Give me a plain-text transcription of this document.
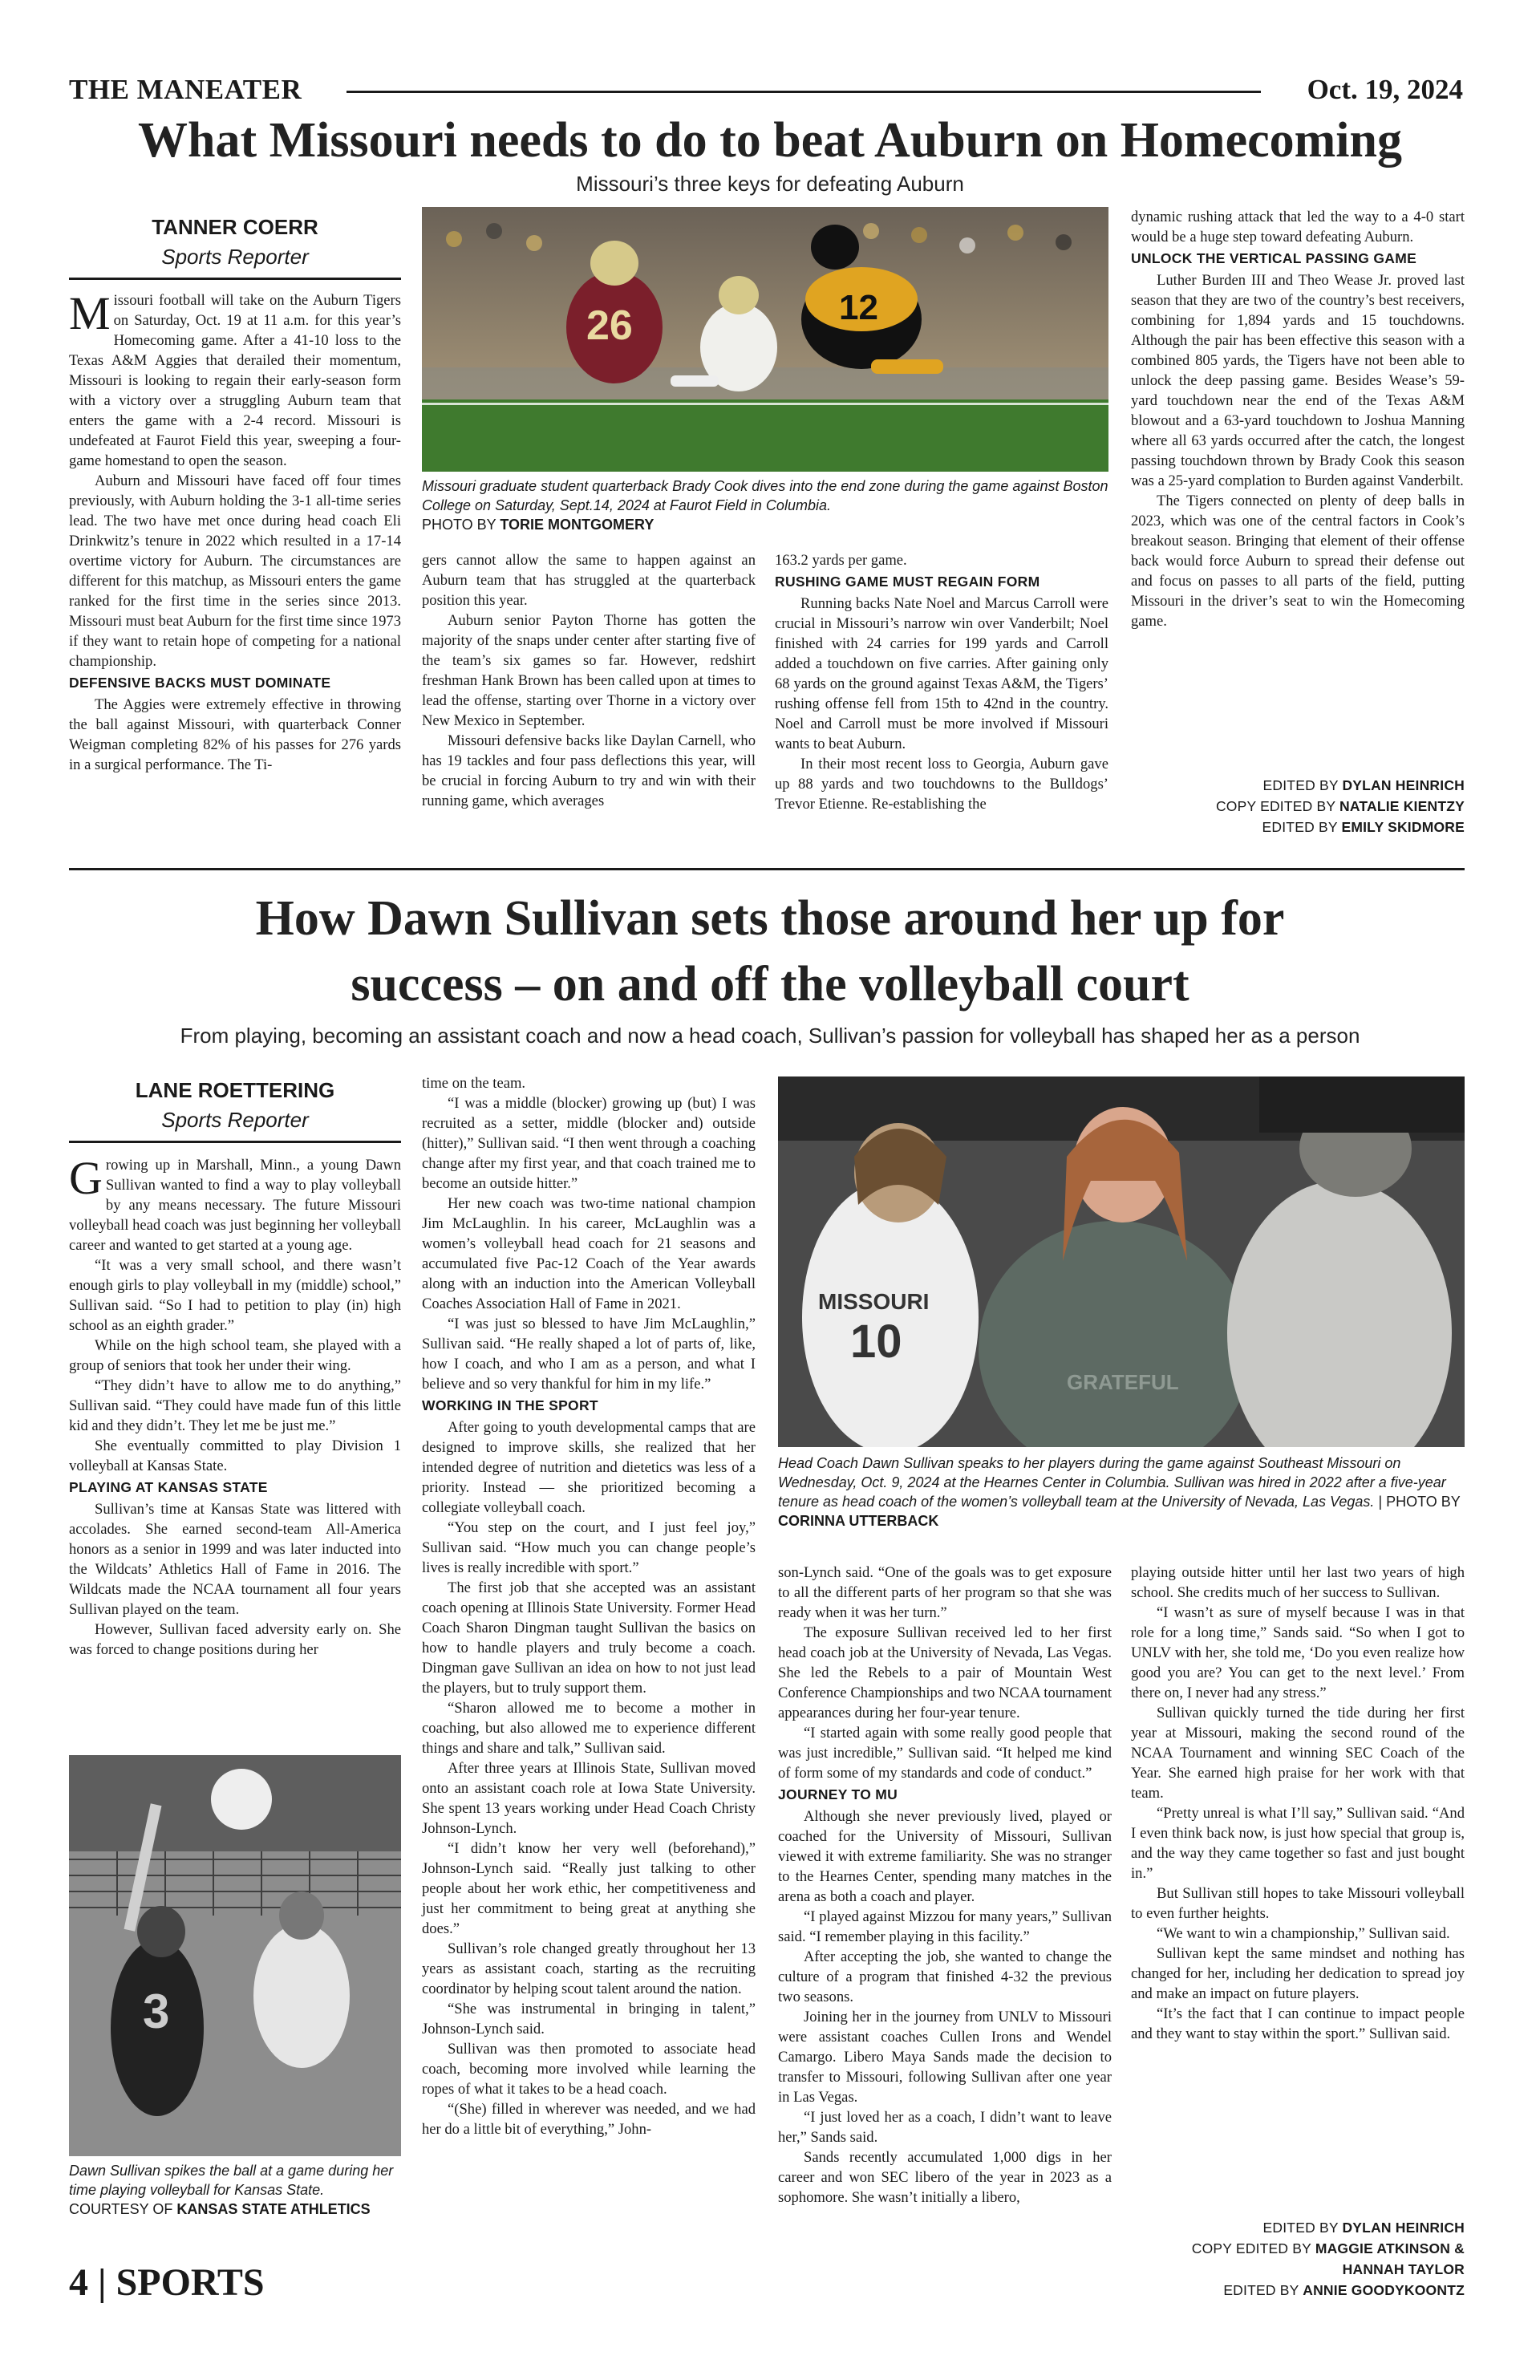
THE MANEATER	Oct. 19, 2024
What Missouri needs to do to beat Auburn on Homecoming
Missouri’s three keys for defeating Auburn
TANNER COERR
Sports Reporter

Missouri football will take on the Auburn Tigers on Saturday, Oct. 19 at 11 a.m. for this year’s Homecoming game. After a 41-10 loss to the Texas A&M Aggies that derailed their momentum, Missouri is looking to regain their early-season form with a victory over a struggling Auburn team that enters the game with a 2-4 record. Missouri is undefeated at Faurot Field this year, sweeping a four-game homestand to open the season.

Auburn and Missouri have faced off four times previously, with Auburn holding the 3-1 all-time series lead. The two have met once during head coach Eli Drinkwitz’s tenure in 2022 which resulted in a 17-14 overtime victory for Auburn. The circumstances are different for this matchup, as Missouri enters the game ranked for the first time in the series since 2013. Missouri must beat Auburn for the first time since 1973 if they want to retain hope of competing for a national championship.

DEFENSIVE BACKS MUST DOMINATE

The Aggies were extremely effective in throwing the ball against Missouri, with quarterback Conner Weigman completing 82% of his passes for 276 yards in a surgical performance. The Ti-

26	12
Missouri graduate student quarterback Brady Cook dives into the end zone during the game against Boston College on Saturday, Sept.14, 2024 at Faurot Field in Columbia.
PHOTO BY TORIE MONTGOMERY

gers cannot allow the same to happen against an Auburn team that has struggled at the quarterback position this year.

Auburn senior Payton Thorne has gotten the majority of the snaps under center after starting five of the team’s six games so far. However, redshirt freshman Hank Brown has been called upon at times to lead the offense, starting over Thorne in a victory over New Mexico in September.

Missouri defensive backs like Daylan Carnell, who has 19 tackles and four pass deflections this year, will be crucial in forcing Auburn to try and win with their running game, which averages

163.2 yards per game.

RUSHING GAME MUST REGAIN FORM

Running backs Nate Noel and Marcus Carroll were crucial in Missouri’s narrow win over Vanderbilt; Noel finished with 24 carries for 199 yards and Carroll added a touchdown on five carries. After gaining only 68 yards on the ground against Texas A&M, the Tigers’ rushing offense fell from 15th to 42nd in the country. Noel and Carroll must be more involved if Missouri wants to beat Auburn.

In their most recent loss to Georgia, Auburn gave up 88 yards and two touchdowns to the Bulldogs’ Trevor Etienne. Re-establishing the

dynamic rushing attack that led the way to a 4-0 start would be a huge step toward defeating Auburn.

UNLOCK THE VERTICAL PASSING GAME

Luther Burden III and Theo Wease Jr. proved last season that they are two of the country’s best receivers, combining for 1,894 yards and 15 touchdowns. Although the pair has been effective this season with a combined 805 yards, the Tigers have not been able to unlock the deep passing game. Besides Wease’s 59-yard touchdown near the end of the Texas A&M blowout and a 63-yard touchdown to Joshua Manning where all 63 yards occurred after the catch, the longest passing touchdown thrown by Brady Cook this season was a 25-yard complation to Burden against Vanderbilt.

The Tigers connected on plenty of deep balls in 2023, which was one of the central factors in Cook’s breakout season. Bringing that element of their offense back would force Auburn to spread their defense out and focus on passes to all parts of the field, putting Missouri in the driver’s seat to win the Homecoming game.

EDITED BY DYLAN HEINRICH
COPY EDITED BY NATALIE KIENTZY
EDITED BY EMILY SKIDMORE
How Dawn Sullivan sets those around her up for
success – on and off the volleyball court
From playing, becoming an assistant coach and now a head coach, Sullivan’s passion for volleyball has shaped her as a person
LANE ROETTERING
Sports Reporter

Growing up in Marshall, Minn., a young Dawn Sullivan wanted to find a way to play volleyball by any means necessary. The future Missouri volleyball head coach was just beginning her volleyball career and wanted to get started at a young age.

“It was a very small school, and there wasn’t enough girls to play volleyball in my (middle) school,” Sullivan said. “So I had to petition to play (in) high school as an eighth grader.”

While on the high school team, she played with a group of seniors that took her under their wing.

“They didn’t have to allow me to do anything,” Sullivan said. “They could have made fun of this little kid and they didn’t. They let me be just me.”

She eventually committed to play Division 1 volleyball at Kansas State.

PLAYING AT KANSAS STATE

Sullivan’s time at Kansas State was littered with accolades. She earned second-team All-America honors as a senior in 1999 and was later inducted into the Wildcats’ Athletics Hall of Fame in 2016. The Wildcats made the NCAA tournament all four years Sullivan played on the team.

However, Sullivan faced adversity early on. She was forced to change positions during her

3
Dawn Sullivan spikes the ball at a game during her time playing volleyball for Kansas State. COURTESY OF KANSAS STATE ATHLETICS

time on the team.

“I was a middle (blocker) growing up (but) I was recruited as a setter, middle (blocker and) outside (hitter),” Sullivan said. “I then went through a coaching change after my first year, and that coach trained me to become an outside hitter.”

Her new coach was two-time national champion Jim McLaughlin. In his career, McLaughlin was a women’s volleyball head coach for 21 seasons and accumulated five Pac-12 Coach of the Year awards along with an induction into the American Volleyball Coaches Association Hall of Fame in 2021.

“I was just so blessed to have Jim McLaughlin,” Sullivan said. “He really shaped a lot of parts of, like, how I coach, and who I am as a person, and what I believe and so very thankful for him in my life.”

WORKING IN THE SPORT

After going to youth developmental camps that are designed to improve skills, she realized that her intended degree of nutrition and dietetics was less of a priority. Instead — she prioritized becoming a collegiate volleyball coach.

“You step on the court, and I just feel joy,” Sullivan said. “How much you can change people’s lives is really incredible with sport.”

The first job that she accepted was an assistant coach opening at Illinois State University. Former Head Coach Sharon Dingman taught Sullivan the basics on how to handle players and truly become a coach. Dingman gave Sullivan an idea on how to not just lead the players, but to truly support them.

“Sharon allowed me to become a mother in coaching, but also allowed me to experience different things and share and talk,” Sullivan said.

After three years at Illinois State, Sullivan moved onto an assistant coach role at Iowa State University. She spent 13 years working under Head Coach Christy Johnson-Lynch.

“I didn’t know her very well (beforehand),” Johnson-Lynch said. “Really just talking to other people about her work ethic, her competitiveness and just her commitment to being great at anything she does.”

Sullivan’s role changed greatly throughout her 13 years as assistant coach, starting as the recruiting coordinator by helping scout talent around the nation.

“She was instrumental in bringing in talent,” Johnson-Lynch said.

Sullivan was then promoted to associate head coach, becoming more involved while learning the ropes of what it takes to be a head coach.

“(She) filled in wherever was needed, and we had her do a little bit of everything,” John-

MISSOURI
10
GRATEFUL
Head Coach Dawn Sullivan speaks to her players during the game against Southeast Missouri on Wednesday, Oct. 9, 2024 at the Hearnes Center in Columbia. Sullivan was hired in 2022 after a five-year tenure as head coach of the women’s volleyball team at the University of Nevada, Las Vegas. | PHOTO BY CORINNA UTTERBACK

son-Lynch said. “One of the goals was to get exposure to all the different parts of her program so that she was ready when it was her turn.”

The exposure Sullivan received led to her first head coach job at the University of Nevada, Las Vegas. She led the Rebels to a pair of Mountain West Conference Championships and two NCAA tournament appearances during her four-year tenure.

“I started again with some really good people that was just incredible,” Sullivan said. “It helped me kind of form some of my standards and code of conduct.”

JOURNEY TO MU

Although she never previously lived, played or coached for the University of Missouri, Sullivan viewed it with extreme familiarity. She was no stranger to the Hearnes Center, spending many matches in the arena as both a coach and player.

“I played against Mizzou for many years,” Sullivan said. “I remember playing in this facility.”

After accepting the job, she wanted to change the culture of a program that finished 4-32 the previous two seasons.

Joining her in the journey from UNLV to Missouri were assistant coaches Cullen Irons and Wendel Camargo. Libero Maya Sands made the decision to transfer to Missouri, following Sullivan after one year in Las Vegas.

“I just loved her as a coach, I didn’t want to leave her,” Sands said.

Sands recently accumulated 1,000 digs in her career and won SEC libero of the year in 2023 as a sophomore. She wasn’t initially a libero,

playing outside hitter until her last two years of high school. She credits much of her success to Sullivan.

“I wasn’t as sure of myself because I was in that role for a long time,” Sands said. “So when I got to UNLV with her, she told me, ‘Do you even realize how good you are? You can get to the next level.’ From there on, I never had any stress.”

Sullivan quickly turned the tide during her first year at Missouri, making the second round of the NCAA Tournament and winning SEC Coach of the Year. She earned high praise for her work with that team.

“Pretty unreal is what I’ll say,” Sullivan said. “And I even think back now, is just how special that group is, and the way they came together so fast and just bought in.”

But Sullivan still hopes to take Missouri volleyball to even further heights.

“We want to win a championship,” Sullivan said.

Sullivan kept the same mindset and nothing has changed for her, including her dedication to spread joy and make an impact on future players.

“It’s the fact that I can continue to impact people and they want to stay within the sport.” Sullivan said.

EDITED BY DYLAN HEINRICH
COPY EDITED BY MAGGIE ATKINSON &
HANNAH TAYLOR
EDITED BY ANNIE GOODYKOONTZ
4 | SPORTS
